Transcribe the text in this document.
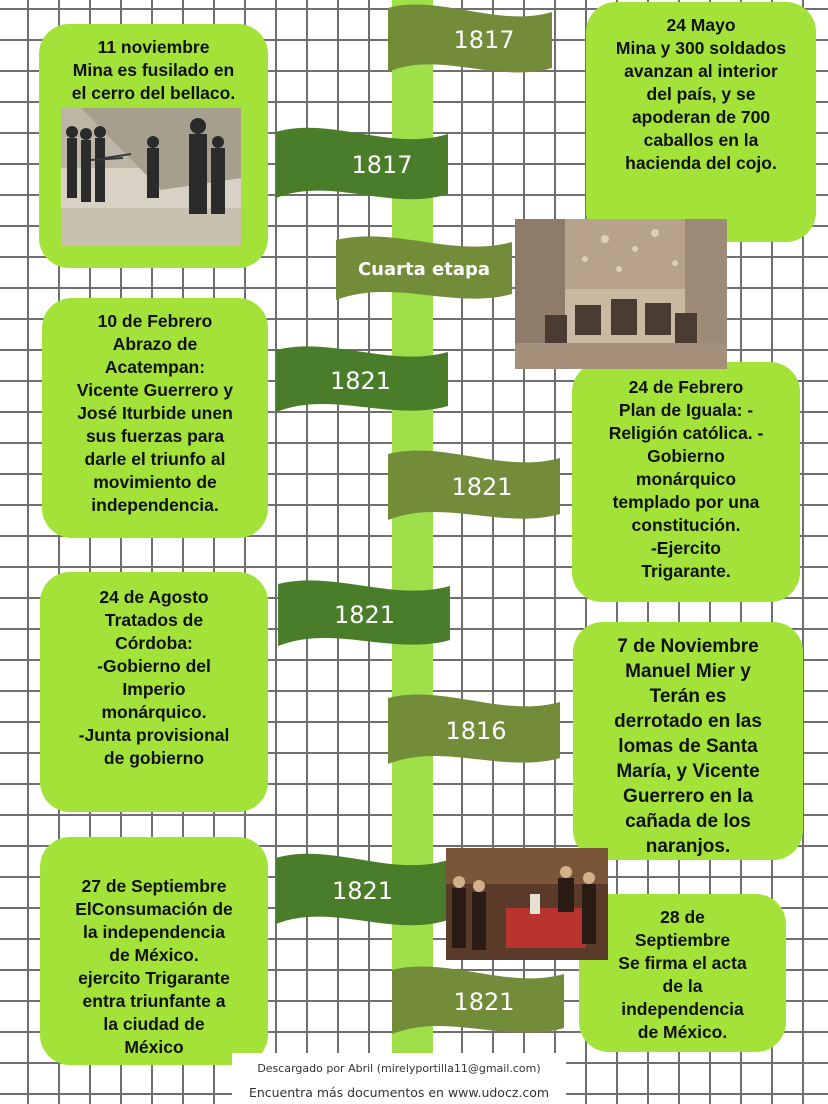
11 noviembre
Mina es fusilado en
el cerro del bellaco.
24 Mayo
Mina y 300 soldados
avanzan al interior
del país, y se
apoderan de 700
caballos en la
hacienda del cojo.
10 de Febrero
Abrazo de
Acatempan:
Vicente Guerrero y
José Iturbide unen
sus fuerzas para
darle el triunfo al
movimiento de
independencia.
24 de Febrero
Plan de Iguala: -
Religión católica. -
Gobierno
monárquico
templado por una
constitución.
-Ejercito
Trigarante.
24 de Agosto
Tratados de
Córdoba:
-Gobierno del
Imperio
monárquico.
-Junta provisional
de gobierno
7 de Noviembre
Manuel Mier y
Terán es
derrotado en las
lomas de Santa
María, y Vicente
Guerrero en la
cañada de los
naranjos.
27 de Septiembre
ElConsumación de
la independencia
de México.
ejercito Trigarante
entra triunfante a
la ciudad de
México
28 de
Septiembre
Se firma el acta
de la
independencia
de México.
1817
1817
Cuarta etapa
1821
1821
1821
1816
1821
1821
Descargado por Abril (mirelyportilla11@gmail.com)
Encuentra más documentos en www.udocz.com
